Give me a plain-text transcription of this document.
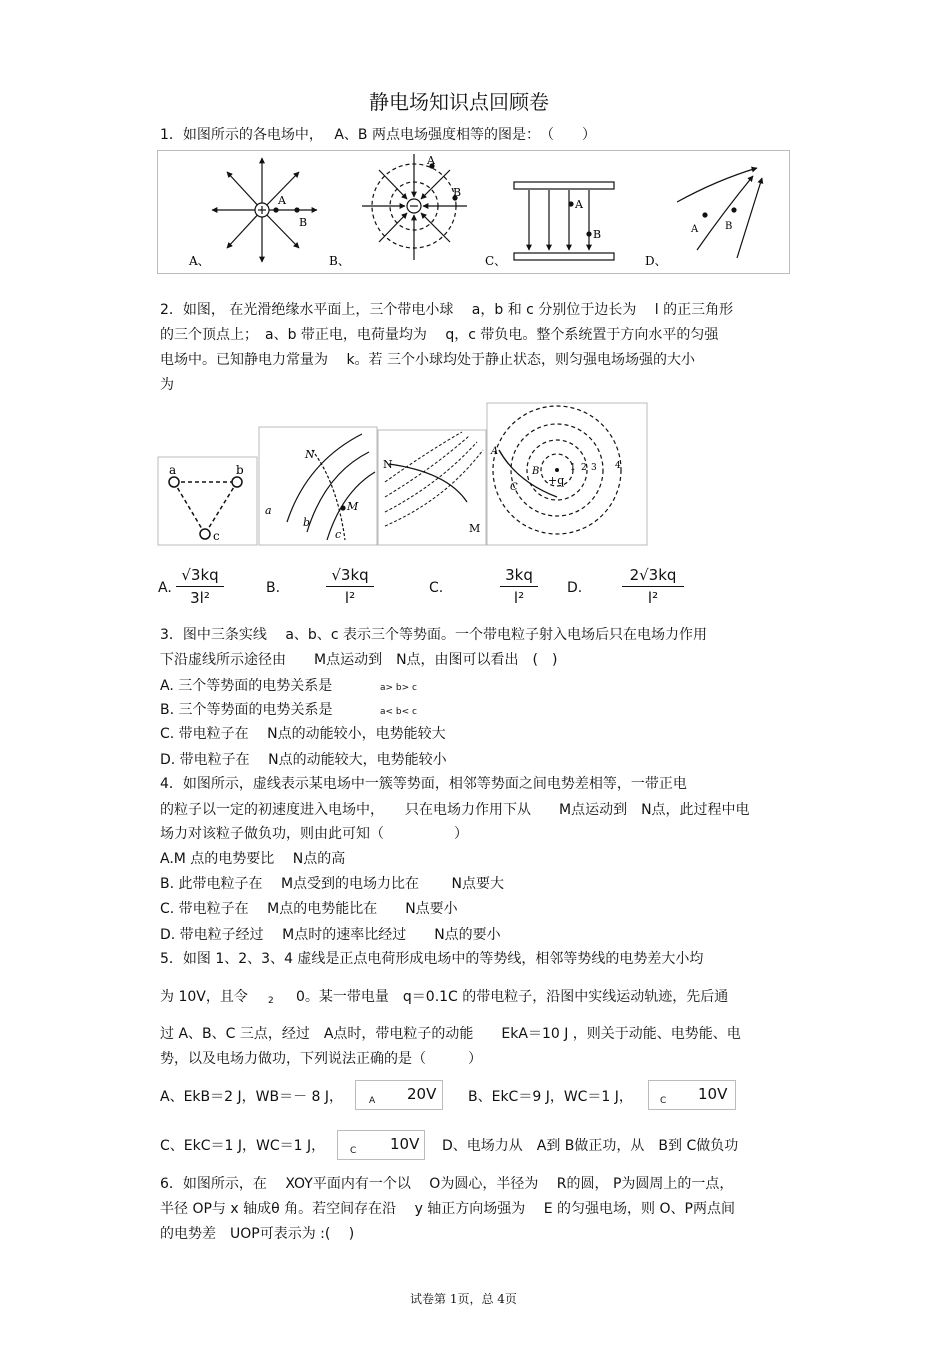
静电场知识点回顾卷
1．如图所示的各电场中，　 A、B 两点电场强度相等的图是：　（　　）
A
B
A、
A
B
B、
A
B
C、
A	B
D、
2．如图， 在光滑绝缘水平面上，三个带电小球　 a，b 和 c 分别位于边长为　 l 的正三角形
的三个顶点上；　a、b 带正电，电荷量均为　 q，c 带负电。整个系统置于方向水平的匀强
电场中。已知静电力常量为　 k。若 三个小球均处于静止状态，则匀强电场场强的大小
为
a	b
c
N
M
a
b
c
N
M
+q
A
B
C
1 2 3 4
A. $\frac{√3kq}{\text{3l²}}$	B.	$\frac{√3kq}{\text{l²}}$	C.	$\frac{3kq}{\text{l²}} D$.	$\frac{2√3kq}{\text{l²}}$
3．图中三条实线　 a、b、c 表示三个等势面。一个带电粒子射入电场后只在电场力作用
下沿虚线所示途径由　　M点运动到　N点，由图可以看出　(　)
A. 三个等势面的电势关系是	a> b> c
B. 三个等势面的电势关系是	a< b< c
C. 带电粒子在　 N点的动能较小，电势能较大
D. 带电粒子在　 N点的动能较大，电势能较小
4．如图所示，虚线表示某电场中一簇等势面，相邻等势面之间电势差相等，一带正电
的粒子以一定的初速度进入电场中，　　只在电场力作用下从　　M点运动到　N点，此过程中电
场力对该粒子做负功，则由此可知（　　　　　）
A.M 点的电势要比　 N点的高
B. 此带电粒子在　 M点受到的电场力比在　　 N点要大
C. 带电粒子在　 M点的电势能比在　　N点要小
D. 带电粒子经过　 M点时的速率比经过　　N点的要小
5．如图 1、2、3、4 虚线是正点电荷形成电场中的等势线，相邻等势线的电势差大小均
为 10V，且令 2 0。某一带电量　q＝0.1C 的带电粒子，沿图中实线运动轨迹，先后通
过 A、B、C 三点，经过　A点时，带电粒子的动能　　EkA＝10 J ，则关于动能、电势能、电
势，以及电场力做功，下列说法正确的是（　　　）
A、EkB＝2 J，WB＝－ 8 J，	A 20V B、EkC＝9 J，WC＝1 J，	C 10V
C、EkC＝1 J，WC＝1 J，	C 10V D、电场力从　A到 B做正功，从　B到 C做负功
6．如图所示，在　 XOY平面内有一个以　 O为圆心，半径为　 R的圆， P为圆周上的一点，
半径 OP与 x 轴成θ 角。若空间存在沿　 y 轴正方向场强为　 E 的匀强电场，则 O、P两点间
的电势差　UOP可表示为 :(　 )
试卷第 1页，总 4页
